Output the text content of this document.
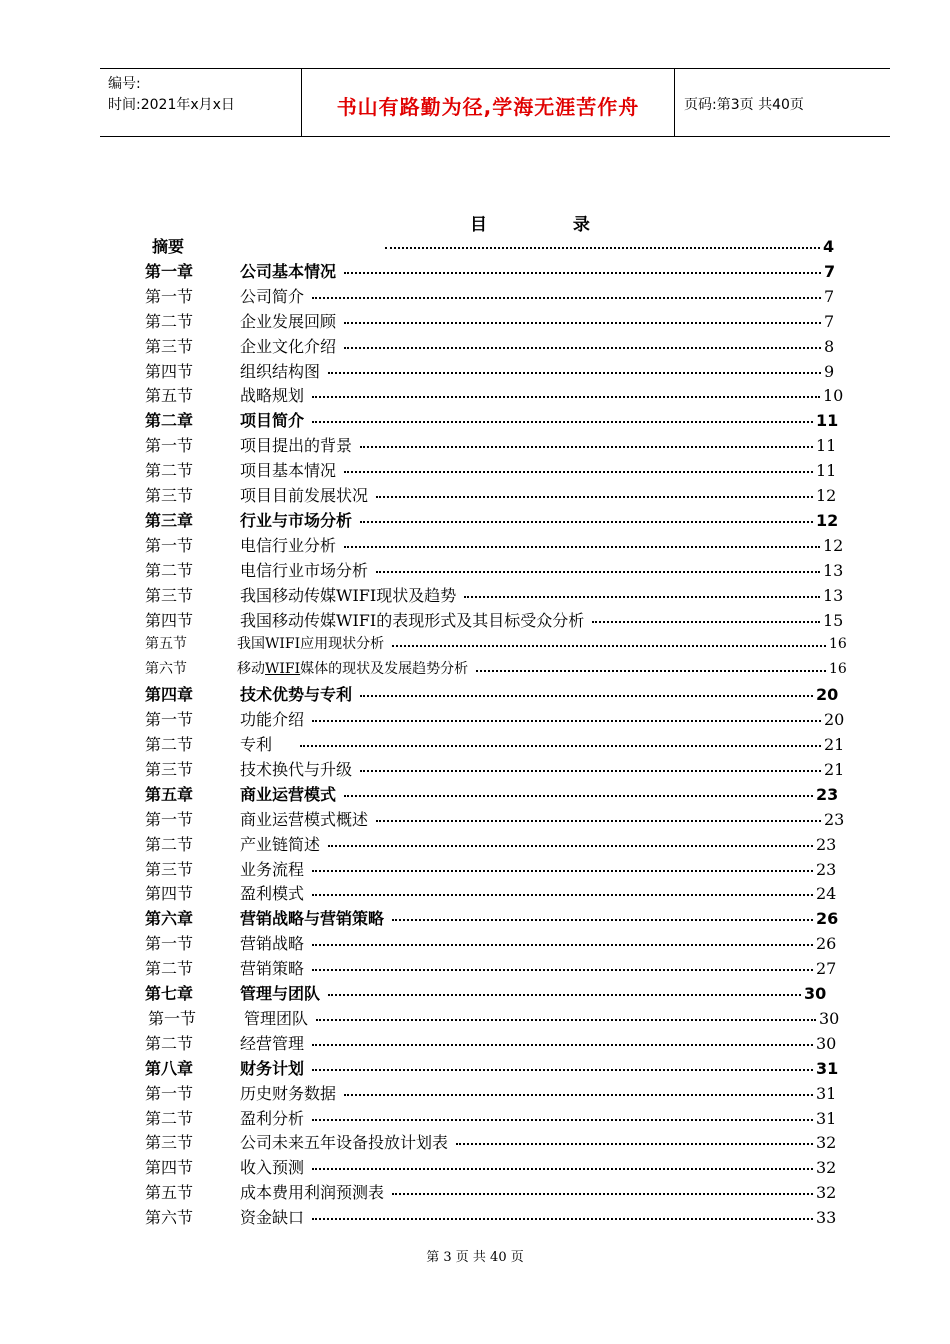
编号:
时间:2021年x月x日	书山有路勤为径,学海无涯苦作舟	页码:第3页 共40页
目 录
摘要	4
第一章	公司基本情况	7
第一节	公司简介	7
第二节	企业发展回顾	7
第三节	企业文化介绍	8
第四节	组织结构图	9
第五节	战略规划	10
第二章	项目简介	11
第一节	项目提出的背景	11
第二节	项目基本情况	11
第三节	项目目前发展状况	12
第三章	行业与市场分析	12
第一节	电信行业分析	12
第二节	电信行业市场分析	13
第三节	我国移动传媒WIFI现状及趋势	13
第四节	我国移动传媒WIFI的表现形式及其目标受众分析	15
第五节	我国WIFI应用现状分析	16
第六节	移动WIFI媒体的现状及发展趋势分析	16
第四章	技术优势与专利	20
第一节	功能介绍	20
第二节	专利	21
第三节	技术换代与升级	21
第五章	商业运营模式	23
第一节	商业运营模式概述	23
第二节	产业链简述	23
第三节	业务流程	23
第四节	盈利模式	24
第六章	营销战略与营销策略	26
第一节	营销战略	26
第二节	营销策略	27
第七章	管理与团队	30
第一节	管理团队	30
第二节	经营管理	30
第八章	财务计划	31
第一节	历史财务数据	31
第二节	盈利分析	31
第三节	公司未来五年设备投放计划表	32
第四节	收入预测	32
第五节	成本费用利润预测表	32
第六节	资金缺口	33
第 3 页 共 40 页
